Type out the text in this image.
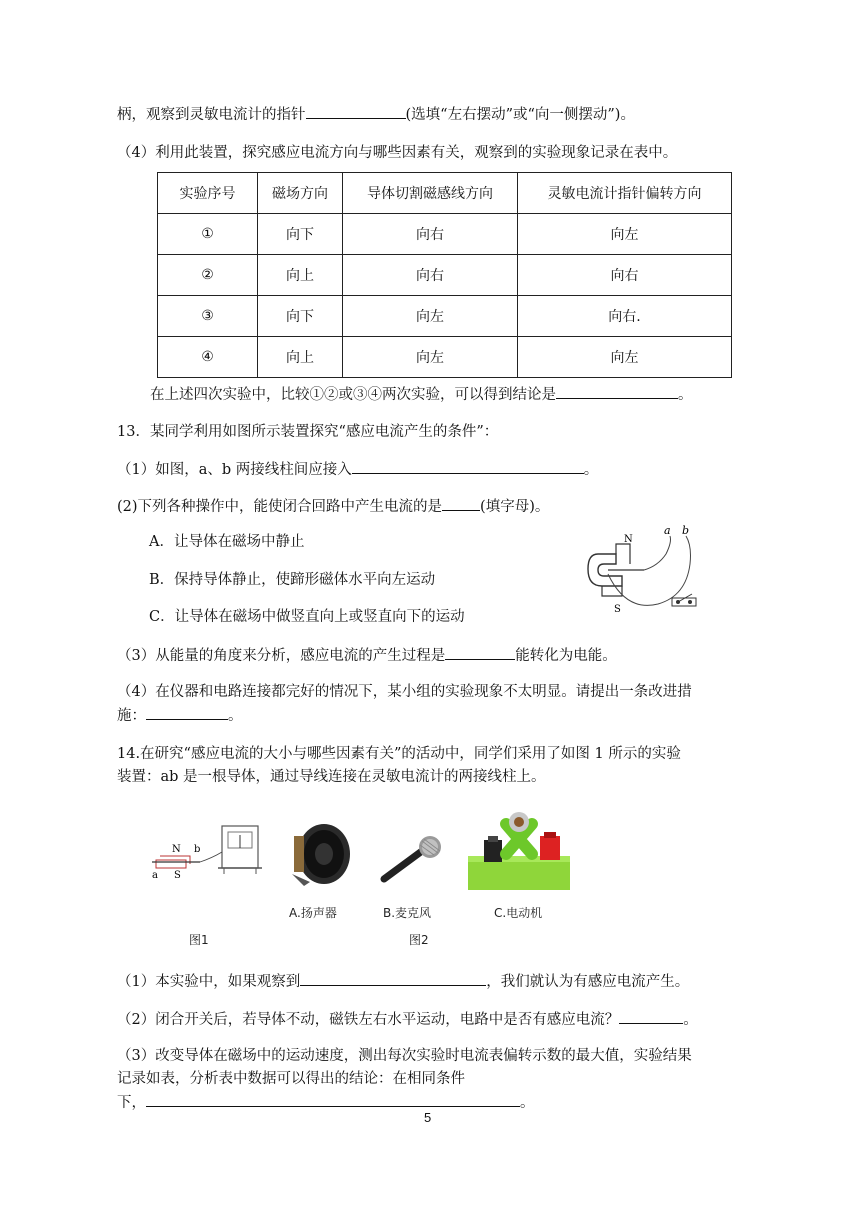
柄，观察到灵敏电流计的指针	(选填“左右摆动”或“向一侧摆动”)。
（4）利用此装置，探究感应电流方向与哪些因素有关，观察到的实验现象记录在表中。
实验序号	磁场方向	导体切割磁感线方向	灵敏电流计指针偏转方向
①	向下	向右	向左
②	向上	向右	向右
③	向下	向左	向右.
④	向上	向左	向左
在上述四次实验中，比较①②或③④两次实验，可以得到结论是	。
13．某同学利用如图所示装置探究“感应电流产生的条件”：
（1）如图，a、b 两接线柱间应接入	。
(2)下列各种操作中，能使闭合回路中产生电流的是	(填字母)。
A．让导体在磁场中静止
B．保持导体静止，使蹄形磁体水平向左运动
C．让导体在磁场中做竖直向上或竖直向下的运动
N
S
a b
（3）从能量的角度来分析，感应电流的产生过程是	能转化为电能。
（4）在仪器和电路连接都完好的情况下，某小组的实验现象不太明显。请提出一条改进措
施：	。
14.在研究“感应电流的大小与哪些因素有关”的活动中，同学们采用了如图 1 所示的实验
装置：ab 是一根导体，通过导线连接在灵敏电流计的两接线柱上。
N b
a S
A.扬声器	B.麦克风	C.电动机
图1	图2
（1）本实验中，如果观察到	，我们就认为有感应电流产生。
（2）闭合开关后，若导体不动，磁铁左右水平运动，电路中是否有感应电流？	。
（3）改变导体在磁场中的运动速度，测出每次实验时电流表偏转示数的最大值，实验结果
记录如表，分析表中数据可以得出的结论：在相同条件
下，	。
5
